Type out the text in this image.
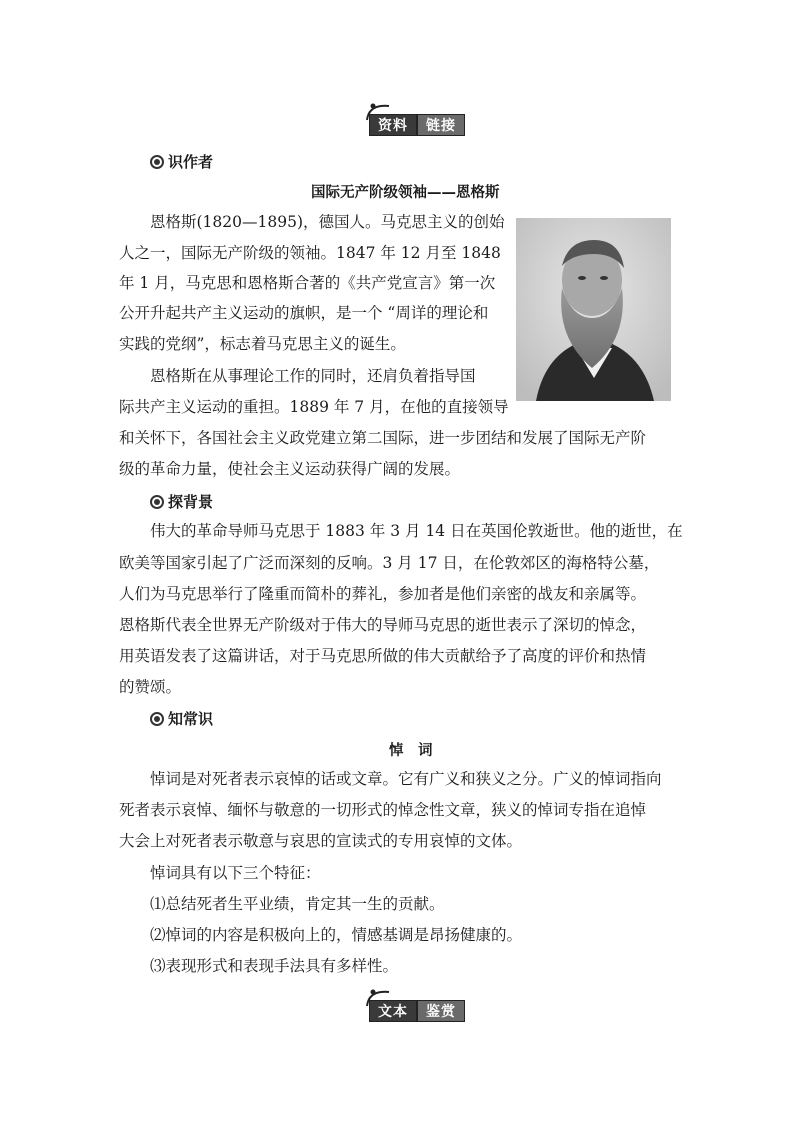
资料	链接
识作者
国际无产阶级领袖——恩格斯
恩格斯(1820—1895)，德国人。马克思主义的创始
人之一，国际无产阶级的领袖。1847 年 12 月至 1848
年 1 月，马克思和恩格斯合著的《共产党宣言》第一次
公开升起共产主义运动的旗帜，是一个 “周详的理论和
实践的党纲”，标志着马克思主义的诞生。
恩格斯在从事理论工作的同时，还肩负着指导国
际共产主义运动的重担。1889 年 7 月，在他的直接领导
和关怀下，各国社会主义政党建立第二国际，进一步团结和发展了国际无产阶
级的革命力量，使社会主义运动获得广阔的发展。
探背景
伟大的革命导师马克思于 1883 年 3 月 14 日在英国伦敦逝世。他的逝世，在
欧美等国家引起了广泛而深刻的反响。3 月 17 日，在伦敦郊区的海格特公墓，
人们为马克思举行了隆重而简朴的葬礼，参加者是他们亲密的战友和亲属等。
恩格斯代表全世界无产阶级对于伟大的导师马克思的逝世表示了深切的悼念，
用英语发表了这篇讲话，对于马克思所做的伟大贡献给予了高度的评价和热情
的赞颂。
知常识
悼　词
悼词是对死者表示哀悼的话或文章。它有广义和狭义之分。广义的悼词指向
死者表示哀悼、缅怀与敬意的一切形式的悼念性文章，狭义的悼词专指在追悼
大会上对死者表示敬意与哀思的宣读式的专用哀悼的文体。
悼词具有以下三个特征：
⑴总结死者生平业绩，肯定其一生的贡献。
⑵悼词的内容是积极向上的，情感基调是昂扬健康的。
⑶表现形式和表现手法具有多样性。
文本	鉴赏
